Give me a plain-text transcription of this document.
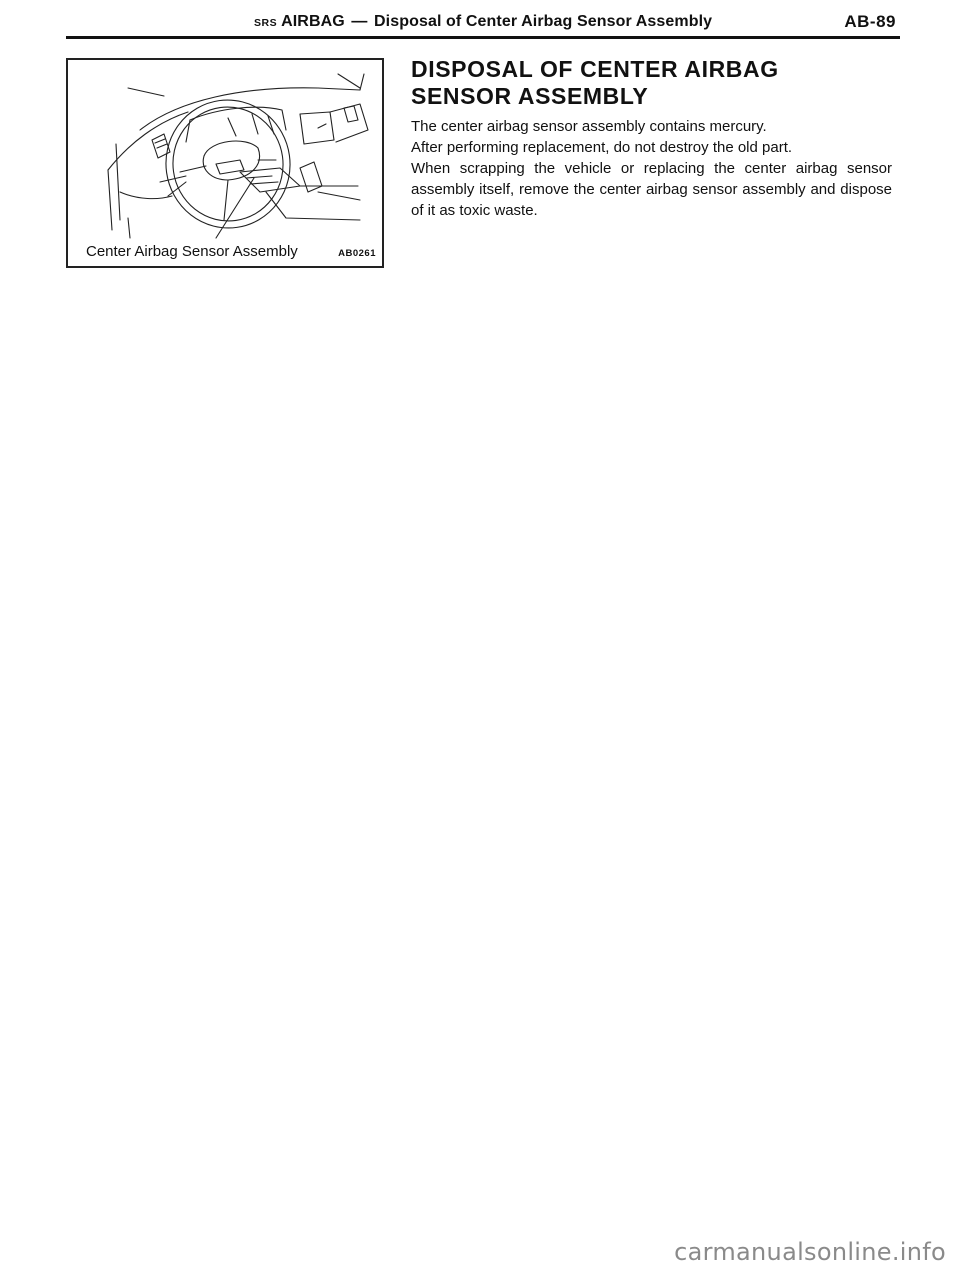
SRS AIRBAG — Disposal of Center Airbag Sensor Assembly	AB-89
Center Airbag Sensor Assembly	AB0261
DISPOSAL OF CENTER AIRBAG
SENSOR ASSEMBLY

The center airbag sensor assembly contains mercury.

After performing replacement, do not destroy the old part.

When scrapping the vehicle or replacing the center airbag sensor assembly itself, remove the center airbag sensor assembly and dispose of it as toxic waste.

carmanualsonline.info
